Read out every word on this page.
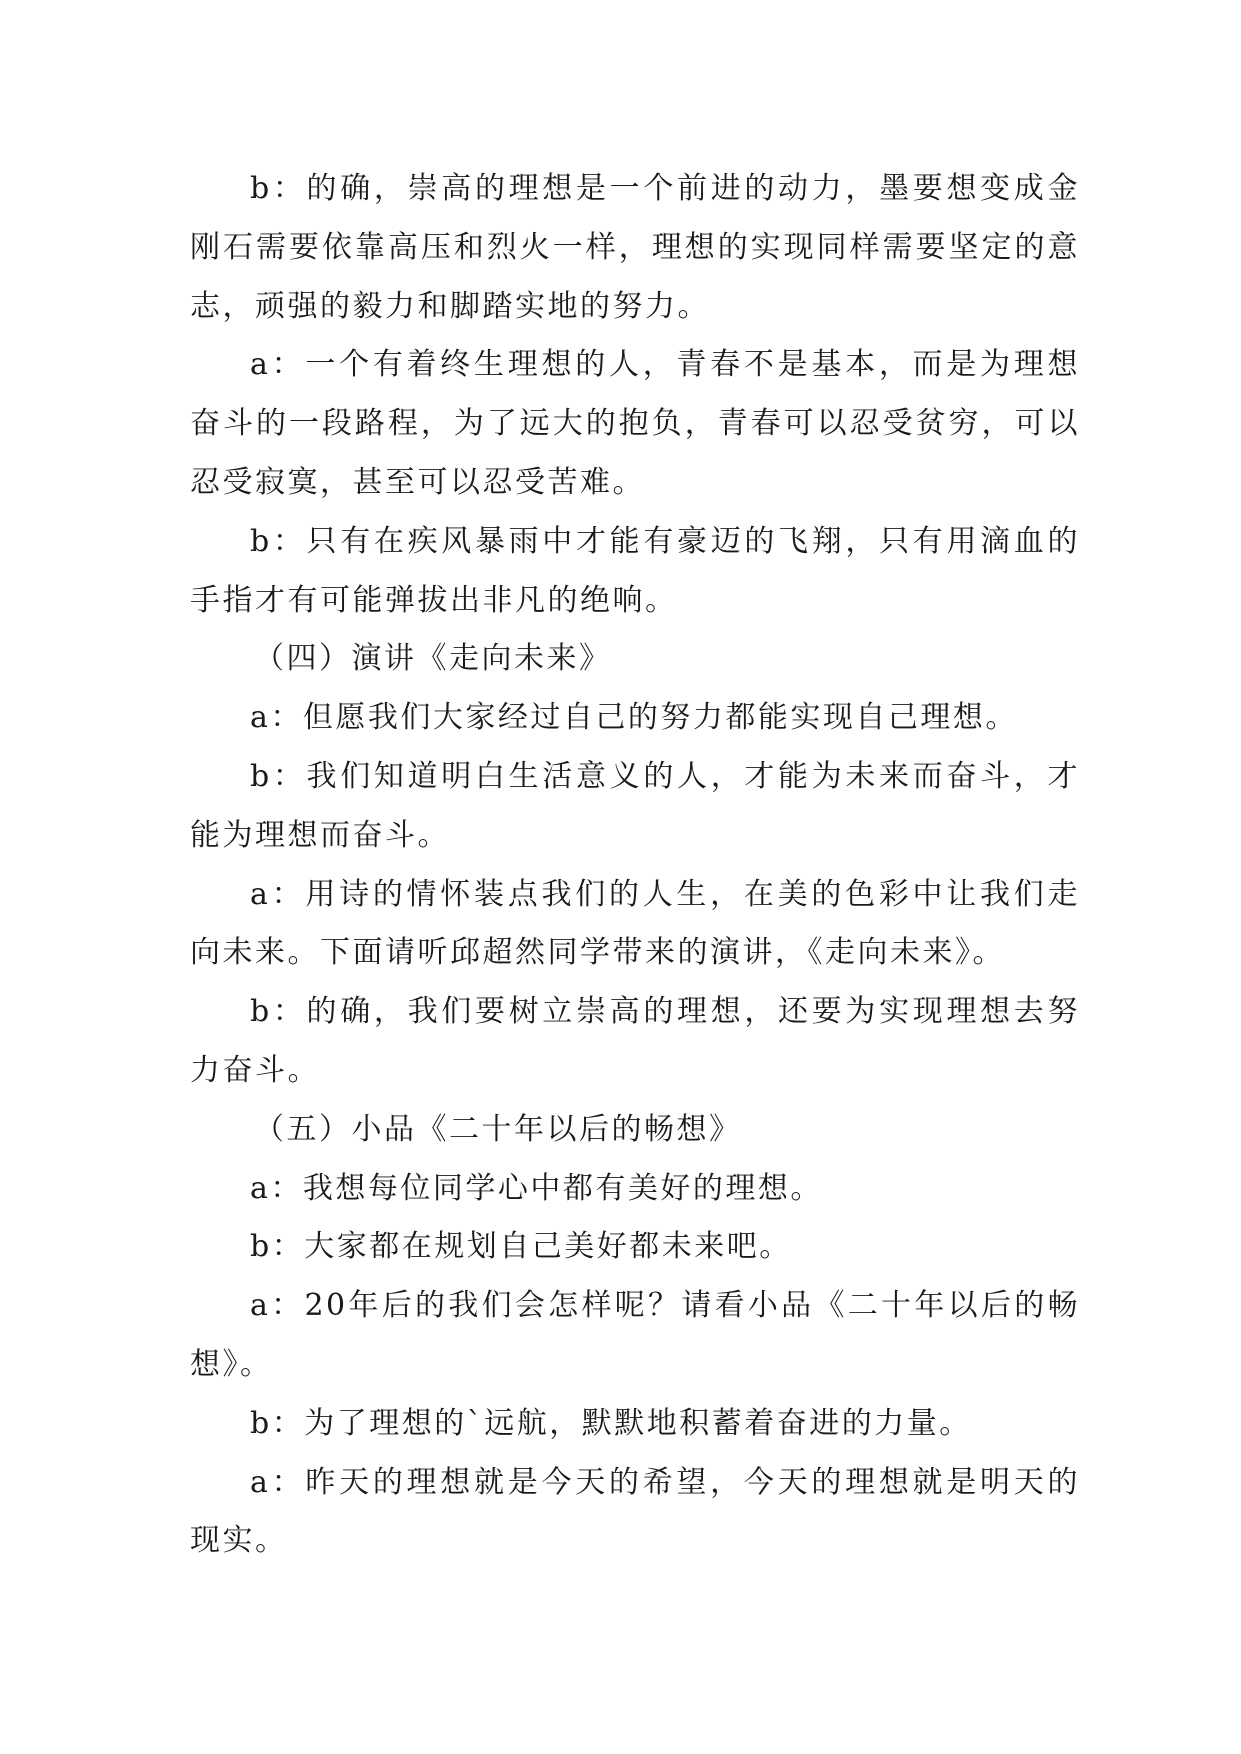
b：的确，崇高的理想是一个前进的动力，墨要想变成金刚石需要依靠高压和烈火一样，理想的实现同样需要坚定的意志，顽强的毅力和脚踏实地的努力。

a：一个有着终生理想的人，青春不是基本，而是为理想奋斗的一段路程，为了远大的抱负，青春可以忍受贫穷，可以忍受寂寞，甚至可以忍受苦难。

b：只有在疾风暴雨中才能有豪迈的飞翔，只有用滴血的手指才有可能弹拔出非凡的绝响。

（四）演讲《走向未来》

a：但愿我们大家经过自己的努力都能实现自己理想。

b：我们知道明白生活意义的人，才能为未来而奋斗，才能为理想而奋斗。

a：用诗的情怀装点我们的人生，在美的色彩中让我们走向未来。下面请听邱超然同学带来的演讲，《走向未来》。

b：的确，我们要树立崇高的理想，还要为实现理想去努力奋斗。

（五）小品《二十年以后的畅想》

a：我想每位同学心中都有美好的理想。

b：大家都在规划自己美好都未来吧。

a：20年后的我们会怎样呢？请看小品《二十年以后的畅想》。

b：为了理想的`远航，默默地积蓄着奋进的力量。

a：昨天的理想就是今天的希望，今天的理想就是明天的现实。
